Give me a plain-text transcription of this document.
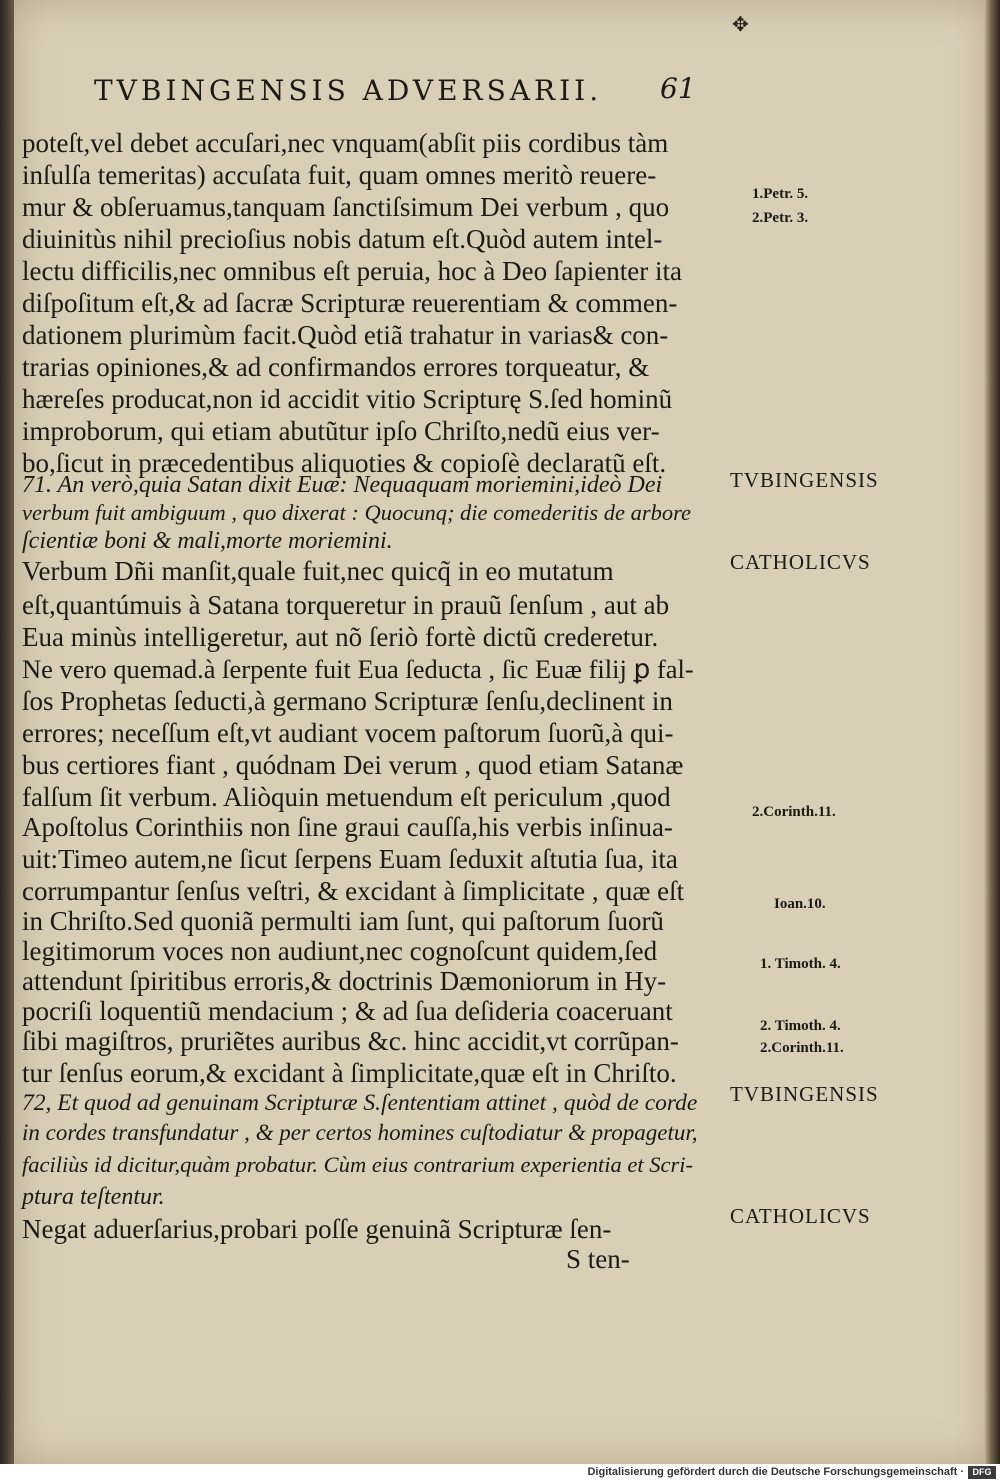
✥
TVBINGENSIS ADVERSARII. 61
poteſt,vel debet accuſari,nec vnquam(abſit piis cordibus tàm
inſulſa temeritas) accuſata fuit, quam omnes meritò reuere-
mur & obſeruamus,tanquam ſanctiſsimum Dei verbum , quo
diuinitùs nihil precioſius nobis datum eſt.Quòd autem intel-
lectu difficilis,nec omnibus eſt peruia, hoc à Deo ſapienter ita
diſpoſitum eſt,& ad ſacræ Scripturæ reuerentiam & commen-
dationem plurimùm facit.Quòd etiã trahatur in varias& con-
trarias opiniones,& ad confirmandos errores torqueatur, &
hæreſes producat,non id accidit vitio Scripturę S.ſed hominũ
improborum, qui etiam abutũtur ipſo Chriſto,nedũ eius ver-
bo,ſicut in præcedentibus aliquoties & copioſè declaratũ eſt.
71. An verò,quia Satan dixit Euæ: Nequaquam moriemini,ideò Dei
verbum fuit ambiguum , quo dixerat : Quocunq; die comederitis de arbore
ſcientiæ boni & mali,morte moriemini.
Verbum Dñi manſit,quale fuit,nec quicq̃ in eo mutatum
eſt,quantúmuis à Satana torqueretur in prauũ ſenſum , aut ab
Eua minùs intelligeretur, aut nõ ſeriò fortè dictũ crederetur.
Ne vero quemad.à ſerpente fuit Eua ſeducta , ſic Euæ filij ꝑ fal-
ſos Prophetas ſeducti,à germano Scripturæ ſenſu,declinent in
errores; neceſſum eſt,vt audiant vocem paſtorum ſuorũ,à qui-
bus certiores fiant , quódnam Dei verum , quod etiam Satanæ
falſum ſit verbum. Aliòquin metuendum eſt periculum ,quod
Apoſtolus Corinthiis non ſine graui cauſſa,his verbis inſinua-
uit:Timeo autem,ne ſicut ſerpens Euam ſeduxit aſtutia ſua, ita
corrumpantur ſenſus veſtri, & excidant à ſimplicitate , quæ eſt
in Chriſto.Sed quoniã permulti iam ſunt, qui paſtorum ſuorũ
legitimorum voces non audiunt,nec cognoſcunt quidem,ſed
attendunt ſpiritibus erroris,& doctrinis Dæmoniorum in Hy-
pocriſi loquentiũ mendacium ; & ad ſua deſideria coaceruant
ſibi magiſtros, pruriẽtes auribus &c. hinc accidit,vt corrũpan-
tur ſenſus eorum,& excidant à ſimplicitate,quæ eſt in Chriſto.
72, Et quod ad genuinam Scripturæ S.ſententiam attinet , quòd de corde
in cordes transfundatur , & per certos homines cuſtodiatur & propagetur,
faciliùs id dicitur,quàm probatur. Cùm eius contrarium experientia et Scri-
ptura teſtentur.
Negat aduerſarius,probari poſſe genuinã Scripturæ ſen-
S ten-
1.Petr. 5.
2.Petr. 3.
TVBINGENSIS
CATHOLICVS
2.Corinth.11.
Ioan.10.
1. Timoth. 4.
2. Timoth. 4.
2.Corinth.11.
TVBINGENSIS
CATHOLICVS
Digitalisierung gefördert durch die Deutsche Forschungsgemeinschaft · DFG
